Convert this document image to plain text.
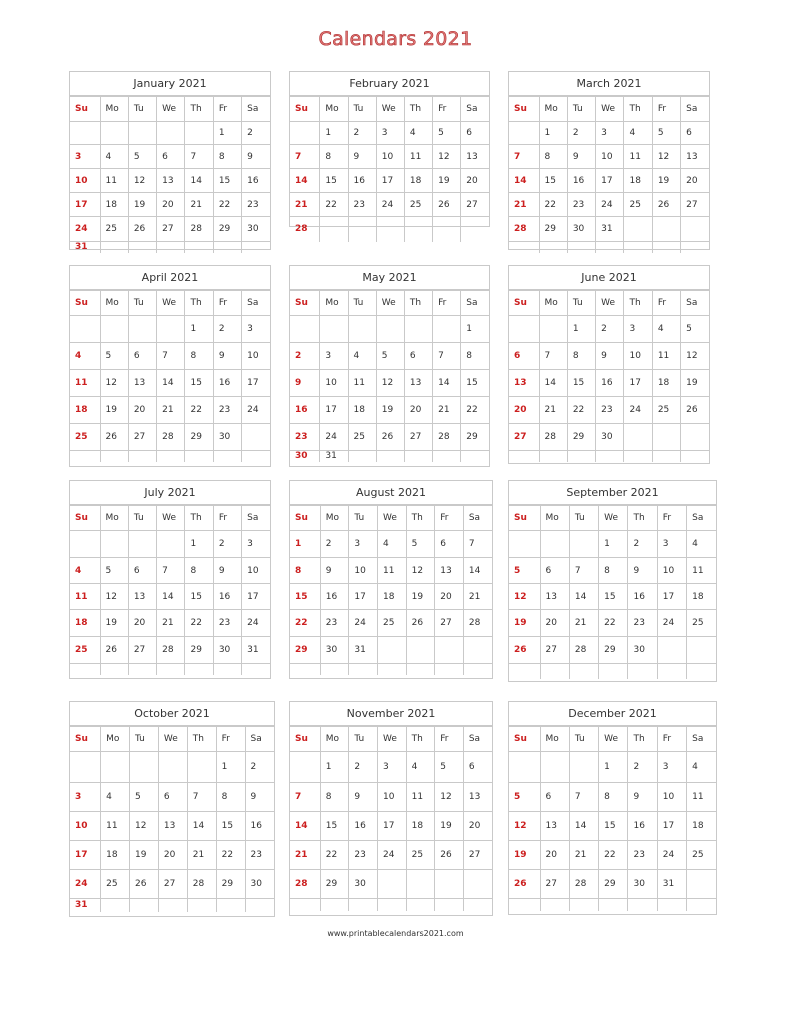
Calendars 2021
January 2021
Su	Mo	Tu	We	Th	Fr	Sa
					1	2
3	4	5	6	7	8	9
10	11	12	13	14	15	16
17	18	19	20	21	22	23
24	25	26	27	28	29	30
31						
February 2021
Su	Mo	Tu	We	Th	Fr	Sa
	1	2	3	4	5	6
7	8	9	10	11	12	13
14	15	16	17	18	19	20
21	22	23	24	25	26	27
28						
March 2021
Su	Mo	Tu	We	Th	Fr	Sa
	1	2	3	4	5	6
7	8	9	10	11	12	13
14	15	16	17	18	19	20
21	22	23	24	25	26	27
28	29	30	31			

April 2021
Su	Mo	Tu	We	Th	Fr	Sa
				1	2	3
4	5	6	7	8	9	10
11	12	13	14	15	16	17
18	19	20	21	22	23	24
25	26	27	28	29	30	

May 2021
Su	Mo	Tu	We	Th	Fr	Sa
						1
2	3	4	5	6	7	8
9	10	11	12	13	14	15
16	17	18	19	20	21	22
23	24	25	26	27	28	29
30	31					
June 2021
Su	Mo	Tu	We	Th	Fr	Sa
		1	2	3	4	5
6	7	8	9	10	11	12
13	14	15	16	17	18	19
20	21	22	23	24	25	26
27	28	29	30			

July 2021
Su	Mo	Tu	We	Th	Fr	Sa
				1	2	3
4	5	6	7	8	9	10
11	12	13	14	15	16	17
18	19	20	21	22	23	24
25	26	27	28	29	30	31

August 2021
Su	Mo	Tu	We	Th	Fr	Sa
1	2	3	4	5	6	7
8	9	10	11	12	13	14
15	16	17	18	19	20	21
22	23	24	25	26	27	28
29	30	31				

September 2021
Su	Mo	Tu	We	Th	Fr	Sa
			1	2	3	4
5	6	7	8	9	10	11
12	13	14	15	16	17	18
19	20	21	22	23	24	25
26	27	28	29	30		

October 2021
Su	Mo	Tu	We	Th	Fr	Sa
					1	2
3	4	5	6	7	8	9
10	11	12	13	14	15	16
17	18	19	20	21	22	23
24	25	26	27	28	29	30
31						
November 2021
Su	Mo	Tu	We	Th	Fr	Sa
	1	2	3	4	5	6
7	8	9	10	11	12	13
14	15	16	17	18	19	20
21	22	23	24	25	26	27
28	29	30				

December 2021
Su	Mo	Tu	We	Th	Fr	Sa
			1	2	3	4
5	6	7	8	9	10	11
12	13	14	15	16	17	18
19	20	21	22	23	24	25
26	27	28	29	30	31	

www.printablecalendars2021.com
